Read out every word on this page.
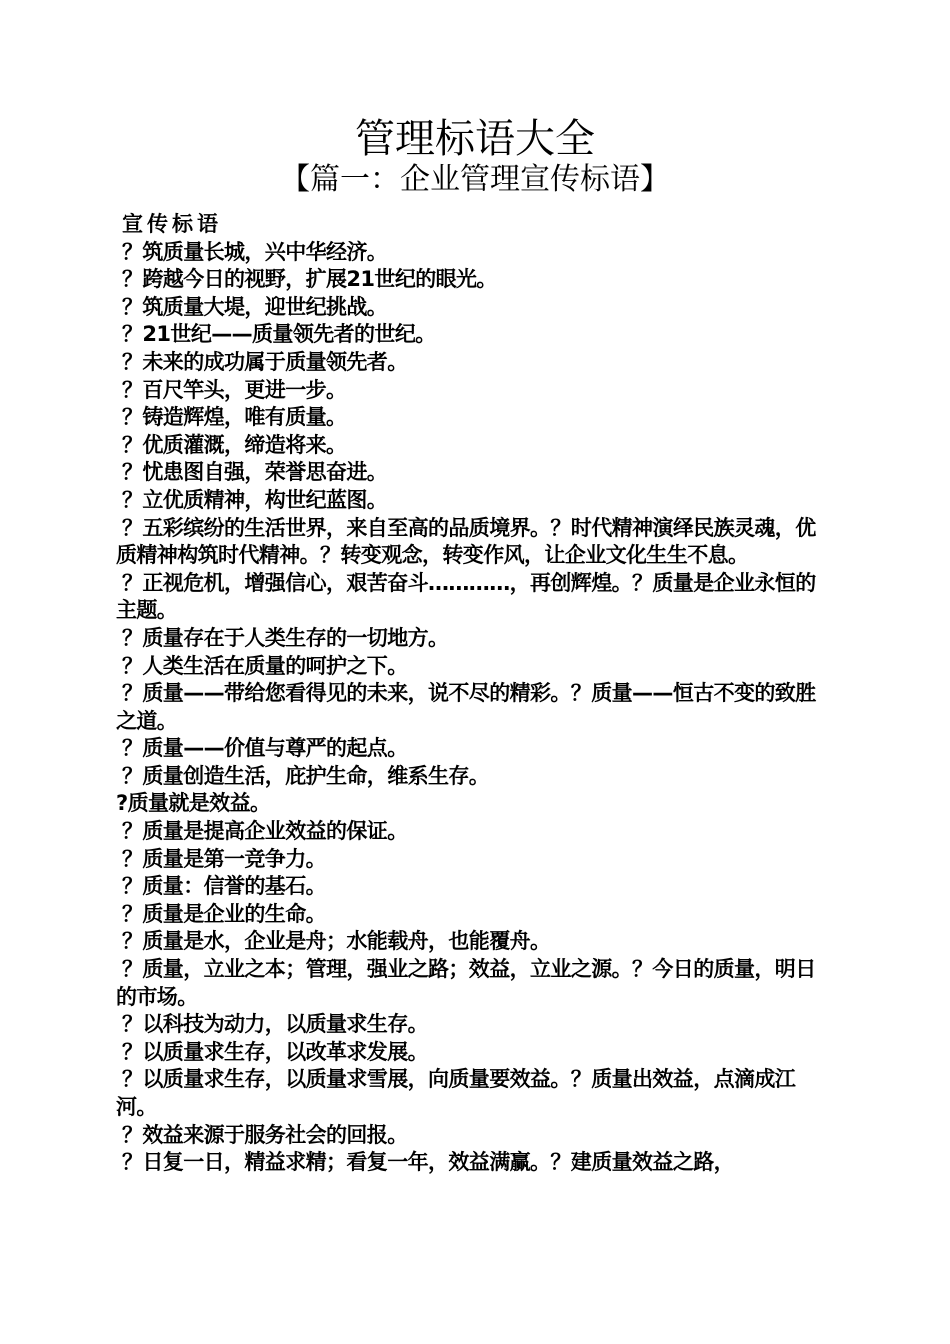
管理标语大全
【篇一：企业管理宣传标语】

宣传标语

？筑质量长城，兴中华经济。
？跨越今日的视野，扩展21世纪的眼光。
？筑质量大堤，迎世纪挑战。
？21世纪——质量领先者的世纪。
？未来的成功属于质量领先者。
？百尺竿头，更进一步。
？铸造辉煌，唯有质量。
？优质灌溉，缔造将来。
？忧患图自强，荣誉思奋进。
？立优质精神，构世纪蓝图。
？五彩缤纷的生活世界，来自至高的品质境界。？时代精神演绎民族灵魂，优质精神构筑时代精神。？转变观念，转变作风，让企业文化生生不息。
？正视危机，增强信心，艰苦奋斗…………，再创辉煌。？质量是企业永恒的主题。
？质量存在于人类生存的一切地方。
？人类生活在质量的呵护之下。
？质量——带给您看得见的未来，说不尽的精彩。？质量——恒古不变的致胜之道。
？质量——价值与尊严的起点。
？质量创造生活，庇护生命，维系生存。
?质量就是效益。
？质量是提高企业效益的保证。
？质量是第一竞争力。
？质量：信誉的基石。
？质量是企业的生命。
？质量是水，企业是舟；水能载舟，也能覆舟。
？质量，立业之本；管理，强业之路；效益，立业之源。？今日的质量，明日的市场。
？以科技为动力，以质量求生存。
？以质量求生存，以改革求发展。
？以质量求生存，以质量求雪展，向质量要效益。？质量出效益，点滴成江河。
？效益来源于服务社会的回报。
？日复一日，精益求精；看复一年，效益满赢。？建质量效益之路，
